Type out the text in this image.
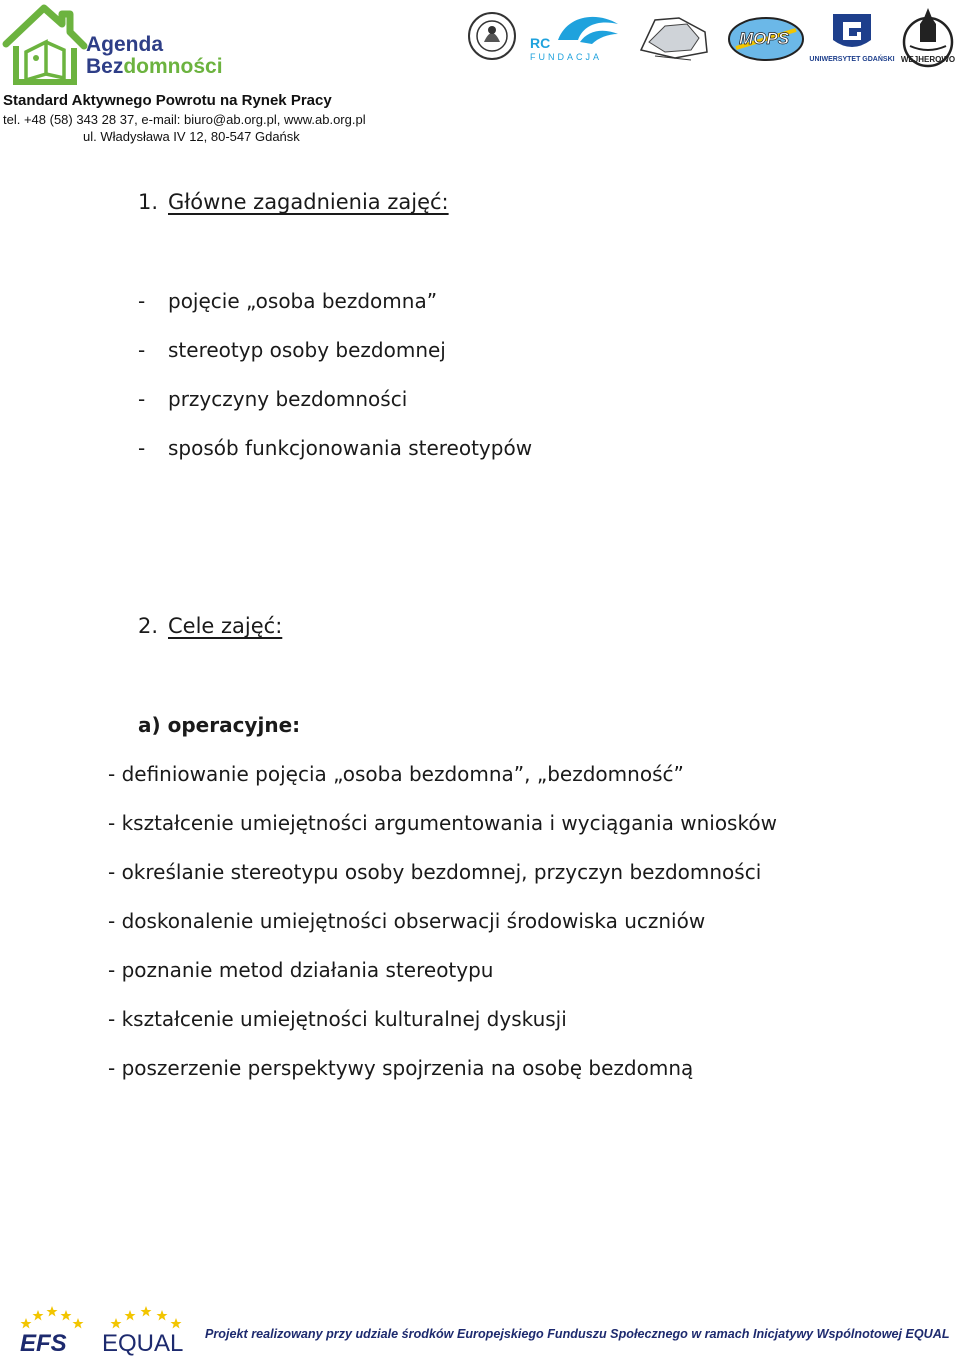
Agenda
Bezdomności
Standard Aktywnego Powrotu na Rynek Pracy
tel. +48 (58) 343 28 37, e-mail: biuro@ab.org.pl, www.ab.org.pl
ul. Władysława IV 12, 80-547 Gdańsk
RC
FUNDACJA
MOPS
UNIWERSYTET GDAŃSKI WEJHEROWO
1. Główne zagadnienia zajęć:
- pojęcie „osoba bezdomna”
- stereotyp osoby bezdomnej
- przyczyny bezdomności
- sposób funkcjonowania stereotypów
2. Cele zajęć:
a) operacyjne:
- definiowanie pojęcia „osoba bezdomna”, „bezdomność”
- kształcenie umiejętności argumentowania i wyciągania wniosków
- określanie stereotypu osoby bezdomnej, przyczyn bezdomności
- doskonalenie umiejętności obserwacji środowiska uczniów
- poznanie metod działania stereotypu
- kształcenie umiejętności kulturalnej dyskusji
- poszerzenie perspektywy spojrzenia na osobę bezdomną
EFS EQUAL Projekt realizowany przy udziale środków Europejskiego Funduszu Społecznego w ramach Inicjatywy Wspólnotowej EQUAL
